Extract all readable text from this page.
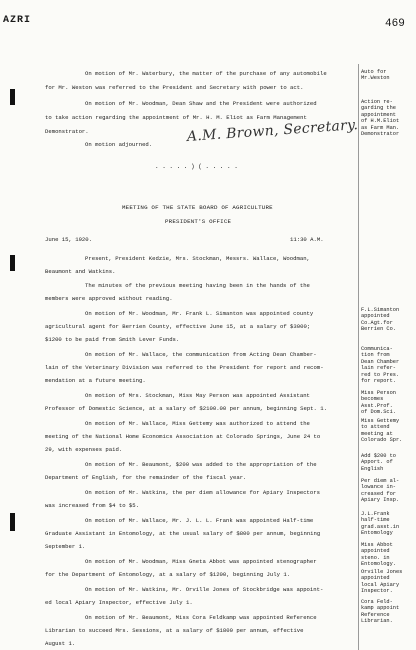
AZRI	469
On motion of Mr. Waterbury, the matter of the purchase of any automobile
for Mr. Weston was referred to the President and Secretary with power to act.
On motion of Mr. Woodman, Dean Shaw and the President were authorized
to take action regarding the appointment of Mr. H. M. Eliot as Farm Management
Demonstrator.
On motion adjourned. A.M. Brown, Secretary.
. . . . . ) ( . . . . .
MEETING OF THE STATE BOARD OF AGRICULTURE
PRESIDENT'S OFFICE
June 15, 1920.	11:30 A.M.
Present, President Kedzie, Mrs. Stockman, Messrs. Wallace, Woodman,
Beaumont and Watkins.
The minutes of the previous meeting having been in the hands of the
members were approved without reading.
On motion of Mr. Woodman, Mr. Frank L. Simanton was appointed county
agricultural agent for Berrien County, effective June 15, at a salary of $3000;
$1200 to be paid from Smith Lever Funds.
On motion of Mr. Wallace, the communication from Acting Dean Chamber-
lain of the Veterinary Division was referred to the President for report and recom-
mendation at a future meeting.
On motion of Mrs. Stockman, Miss May Person was appointed Assistant
Professor of Domestic Science, at a salary of $2100.00 per annum, beginning Sept. 1.
On motion of Mr. Wallace, Miss Gettemy was authorized to attend the
meeting of the National Home Economics Association at Colorado Springs, June 24 to
29, with expenses paid.
On motion of Mr. Beaumont, $200 was added to the appropriation of the
Department of English, for the remainder of the fiscal year.
On motion of Mr. Watkins, the per diem allowance for Apiary Inspectors
was increased from $4 to $5.
On motion of Mr. Wallace, Mr. J. L. L. Frank was appointed Half-time
Graduate Assistant in Entomology, at the usual salary of $800 per annum, beginning
September 1.
On motion of Mr. Woodman, Miss Gneta Abbot was appointed stenographer
for the Department of Entomology, at a salary of $1200, beginning July 1.
On motion of Mr. Watkins, Mr. Orville Jones of Stockbridge was appoint-
ed local Apiary Inspector, effective July 1.
On motion of Mr. Beaumont, Miss Cora Feldkamp was appointed Reference
Librarian to succeed Mrs. Sessions, at a salary of $1800 per annum, effective
August 1.
Auto for
Mr.Weston
Action re-
garding the
appointment
of H.M.Eliot
as Farm Man.
Demonstrator
F.L.Simanton
appointed
Co.Agt.for
Berrien Co.
Communica-
tion from
Dean Chamber
lain refer-
red to Pres.
for report.
Miss Person
becomes
Asst.Prof.
of Dom.Sci.
Miss Gettemy
to attend
meeting at
Colorado Spr.
Add $200 to
Apport. of
English
Per diem al-
lowance in-
creased for
Apiary Insp.
J.L.Frank
half-time
grad.asst.in
Entomology
Miss Abbot
appointed
steno. in
Entomology.
Orville Jones
appointed
local Apiary
Inspector.
Cora Feld-
kamp appoint
Reference
Librarian.
